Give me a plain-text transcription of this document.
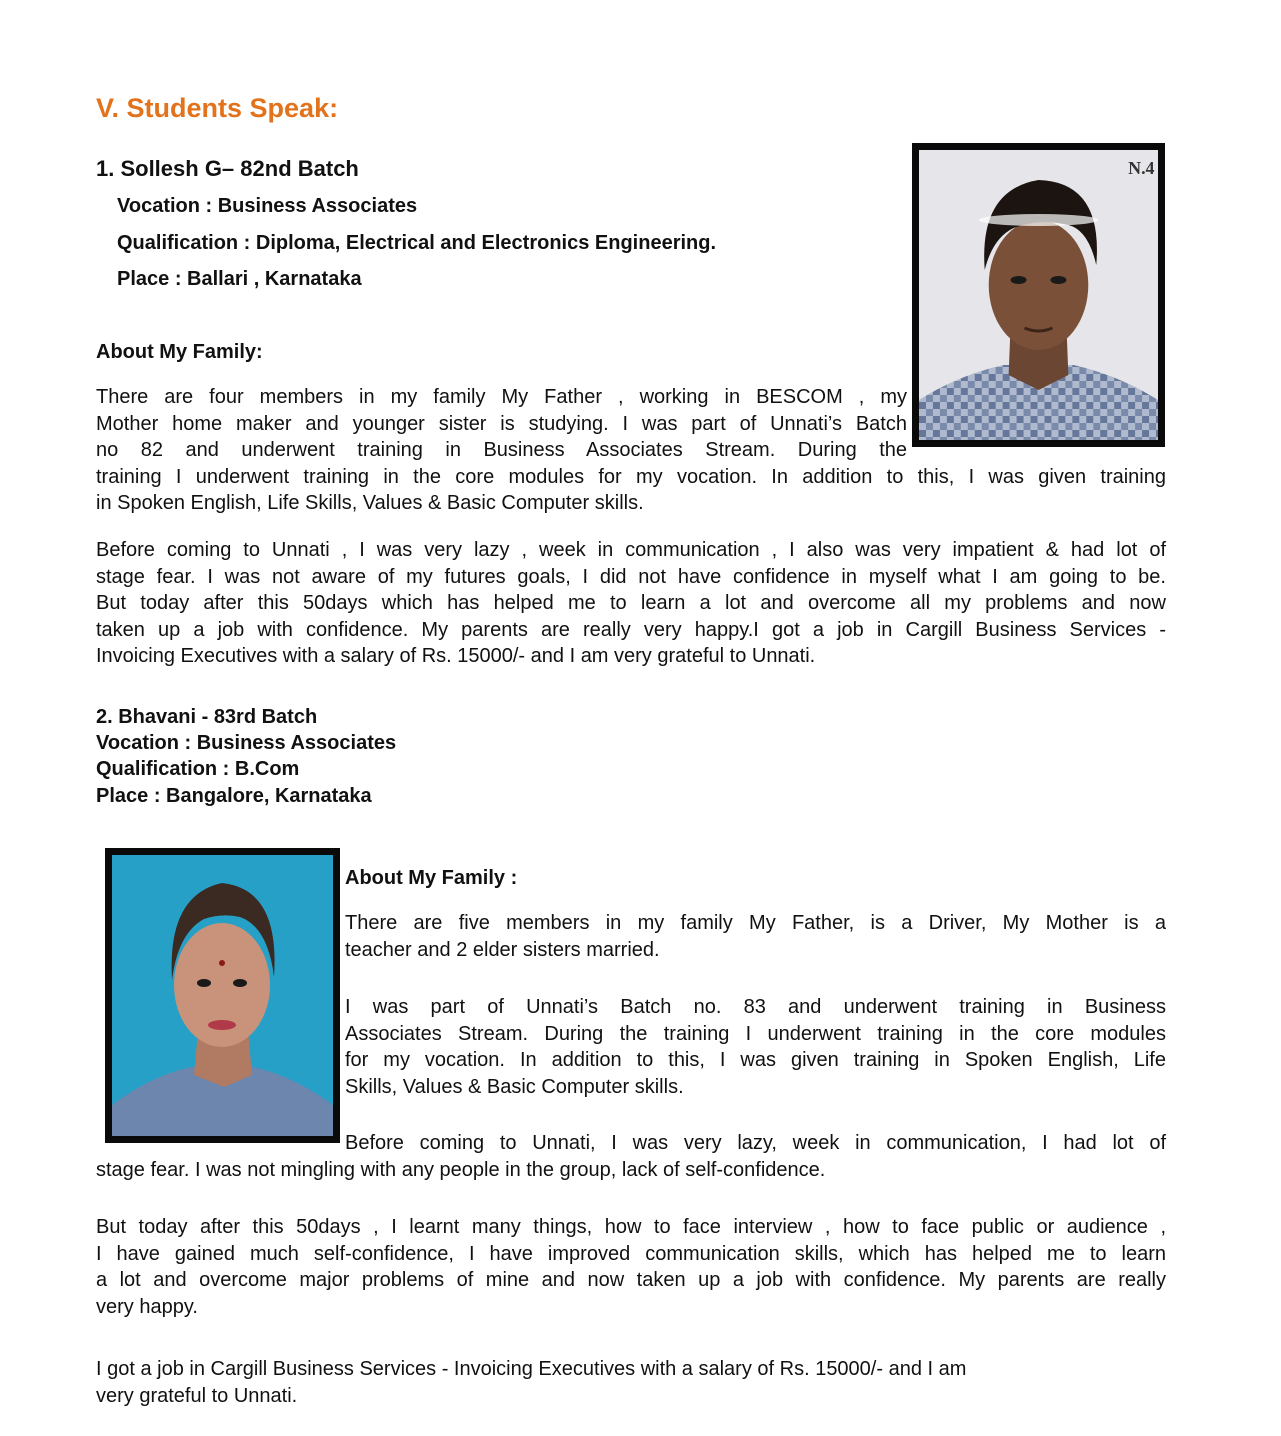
V. Students Speak:
1. Sollesh G– 82nd Batch
Vocation : Business Associates
Qualification : Diploma, Electrical and Electronics Engineering.
Place : Ballari , Karnataka
N.4
About My Family:

There are four members in my family My Father , working in BESCOM , my

Mother home maker and younger sister is studying. I was part of Unnati’s Batch

no 82 and underwent training in Business Associates Stream. During the

training I underwent training in the core modules for my vocation. In addition to this, I was given training

in Spoken English, Life Skills, Values & Basic Computer skills.

Before coming to Unnati , I was very lazy , week in communication , I also was very impatient & had lot of

stage fear. I was not aware of my futures goals, I did not have confidence in myself what I am going to be.

But today after this 50days which has helped me to learn a lot and overcome all my problems and now

taken up a job with confidence. My parents are really very happy.I got a job in Cargill Business Services -

Invoicing Executives with a salary of Rs. 15000/- and I am very grateful to Unnati.

2. Bhavani - 83rd Batch
Vocation : Business Associates
Qualification : B.Com
Place : Bangalore, Karnataka
About My Family :

There are five members in my family My Father, is a Driver, My Mother is a

teacher and 2 elder sisters married.

I was part of Unnati’s Batch no. 83 and underwent training in Business

Associates Stream. During the training I underwent training in the core modules

for my vocation. In addition to this, I was given training in Spoken English, Life

Skills, Values & Basic Computer skills.

Before coming to Unnati, I was very lazy, week in communication, I had lot of

stage fear. I was not mingling with any people in the group, lack of self-confidence.

But today after this 50days , I learnt many things, how to face interview , how to face public or audience ,

I have gained much self-confidence, I have improved communication skills, which has helped me to learn

a lot and overcome major problems of mine and now taken up a job with confidence. My parents are really

very happy.

I got a job in Cargill Business Services - Invoicing Executives with a salary of Rs. 15000/- and I am

very grateful to Unnati.
